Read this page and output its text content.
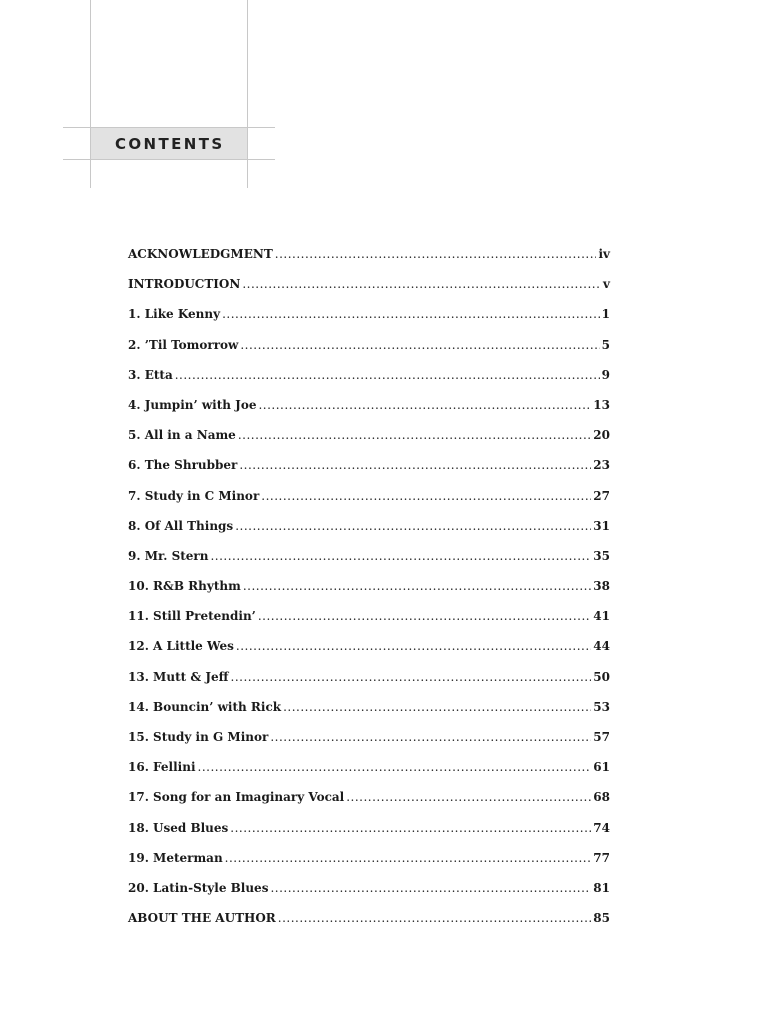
CONTENTS
ACKNOWLEDGMENT .....	iv
INTRODUCTION .....	v
1. Like Kenny .....	1
2. ’Til Tomorrow .....	5
3. Etta .....	9
4. Jumpin’ with Joe .....	13
5. All in a Name .....	20
6. The Shrubber .....	23
7. Study in C Minor .....	27
8. Of All Things .....	31
9. Mr. Stern .....	35
10. R&B Rhythm .....	38
11. Still Pretendin’ .....	41
12. A Little Wes .....	44
13. Mutt & Jeff .....	50
14. Bouncin’ with Rick .....	53
15. Study in G Minor .....	57
16. Fellini .....	61
17. Song for an Imaginary Vocal .....	68
18. Used Blues .....	74
19. Meterman .....	77
20. Latin-Style Blues .....	81
ABOUT THE AUTHOR .....	85
